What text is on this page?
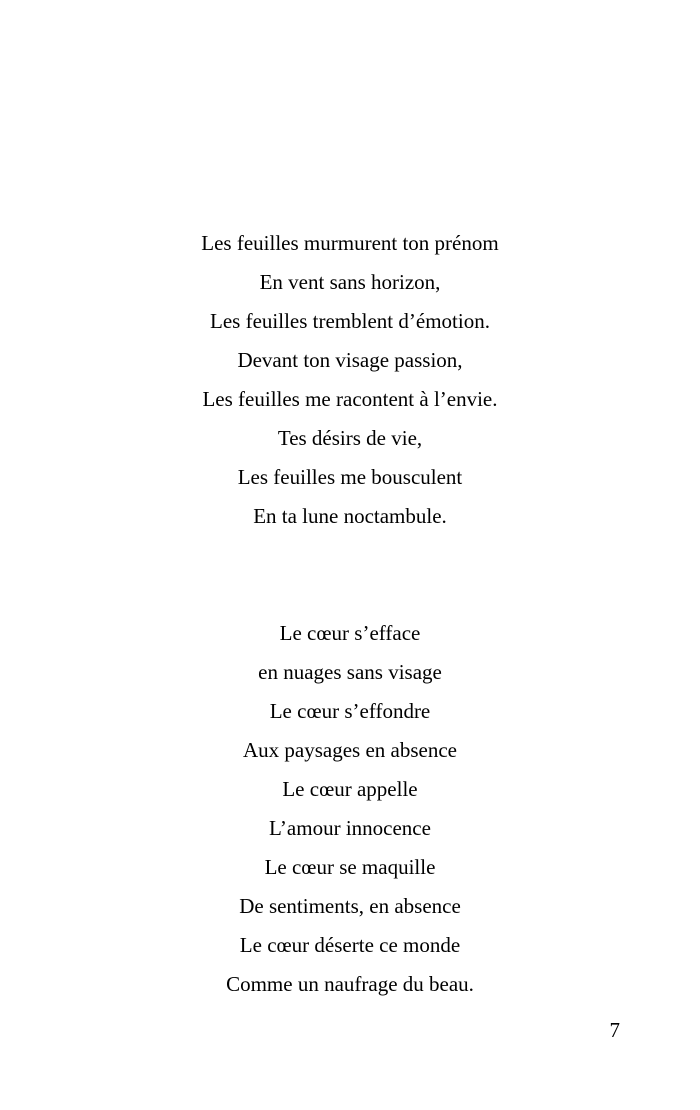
Les feuilles murmurent ton prénom
En vent sans horizon,
Les feuilles tremblent d’émotion.
Devant ton visage passion,
Les feuilles me racontent à l’envie.
Tes désirs de vie,
Les feuilles me bousculent
En ta lune noctambule.
Le cœur s’efface
en nuages sans visage
Le cœur s’effondre
Aux paysages en absence
Le cœur appelle
L’amour innocence
Le cœur se maquille
De sentiments, en absence
Le cœur déserte ce monde
Comme un naufrage du beau.
7
